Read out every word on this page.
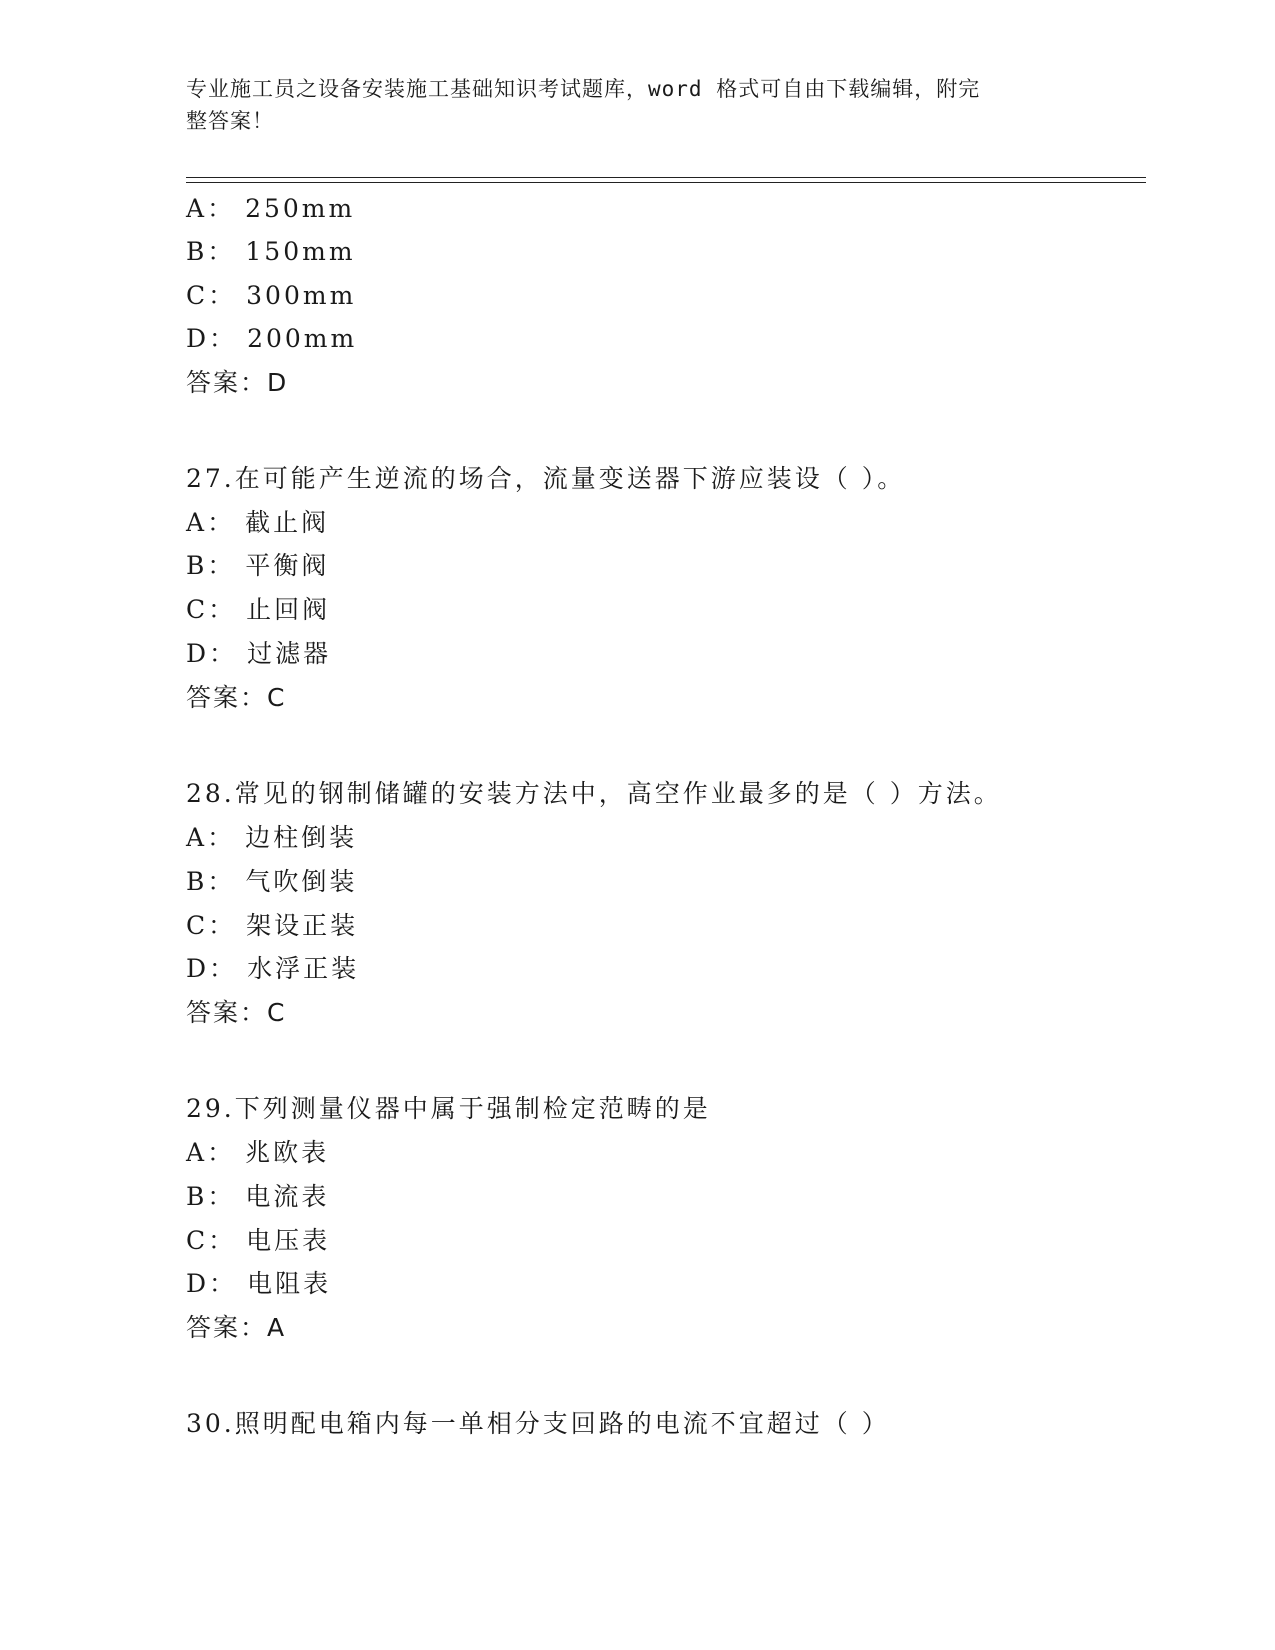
专业施工员之设备安装施工基础知识考试题库，word 格式可自由下载编辑，附完
整答案！
A： 250mm
B： 150mm
C： 300mm
D： 200mm
答案：D
27.在可能产生逆流的场合，流量变送器下游应装设（ ）。
A： 截止阀
B： 平衡阀
C： 止回阀
D： 过滤器
答案：C
28.常见的钢制储罐的安装方法中，高空作业最多的是（ ）方法。
A： 边柱倒装
B： 气吹倒装
C： 架设正装
D： 水浮正装
答案：C
29.下列测量仪器中属于强制检定范畴的是
A： 兆欧表
B： 电流表
C： 电压表
D： 电阻表
答案：A
30.照明配电箱内每一单相分支回路的电流不宜超过（ ）
